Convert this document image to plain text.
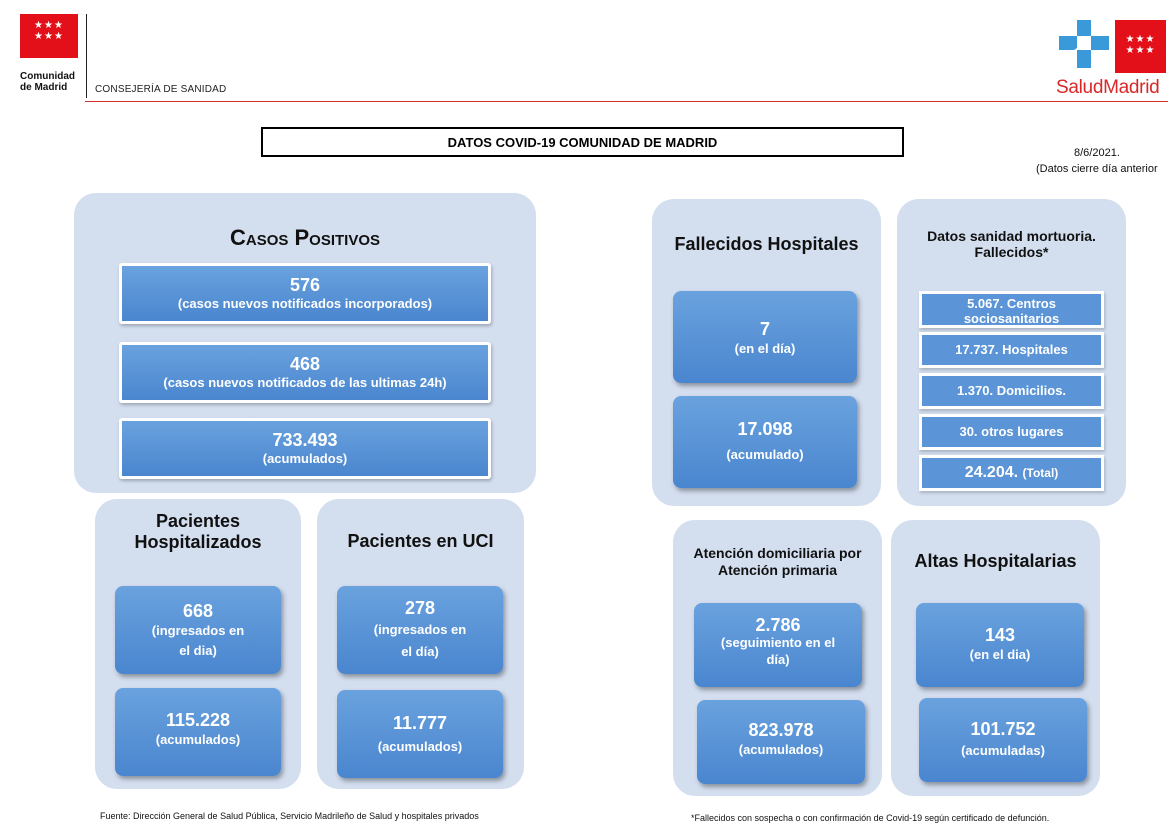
★★★
★★★
Comunidad
de Madrid	CONSEJERÍA DE SANIDAD
★★★
★★★
SaludMadrid
DATOS COVID-19 COMUNIDAD DE MADRID
8/6/2021.
(Datos cierre día anterior
Casos Positivos
576
(casos nuevos notificados incorporados)
468
(casos nuevos notificados de las ultimas 24h)
733.493
(acumulados)
Pacientes
Hospitalizados
668
(ingresados en
el dia)
115.228
(acumulados)
Pacientes en UCI
278
(ingresados en
el día)
11.777
(acumulados)
Fallecidos Hospitales
7
(en el día)
17.098
(acumulado)
Datos sanidad mortuoria.
Fallecidos*
5.067. Centros
sociosanitarios
17.737. Hospitales
1.370. Domicilios.
30. otros lugares
24.204. (Total)
Atención domiciliaria por
Atención primaria
2.786
(seguimiento en el
día)
823.978
(acumulados)
Altas Hospitalarias
143
(en el dia)
101.752
(acumuladas)
Fuente: Dirección General de Salud Pública, Servicio Madrileño de Salud y hospitales privados	*Fallecidos con sospecha o con confirmación de Covid-19 según certificado de defunción.
